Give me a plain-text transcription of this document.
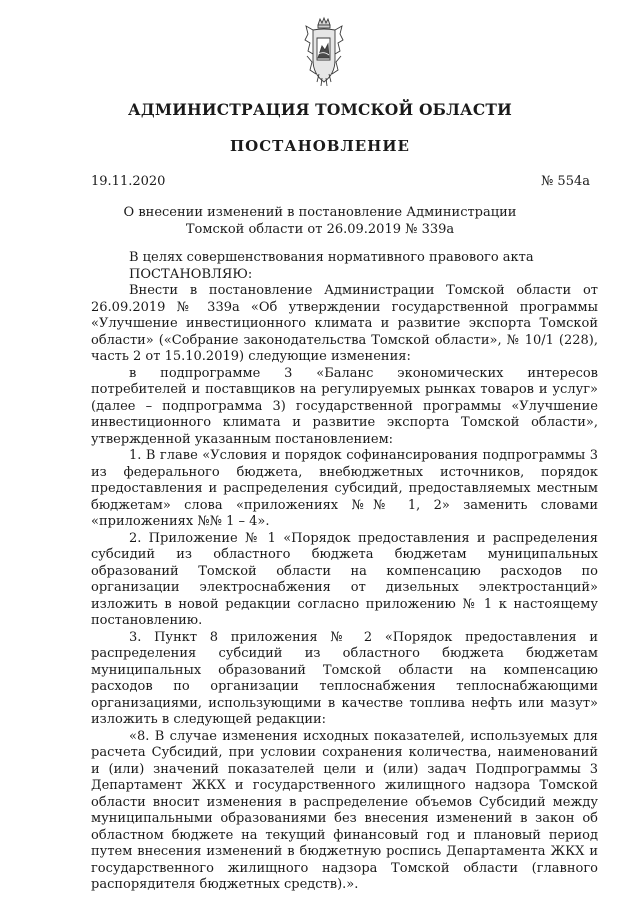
АДМИНИСТРАЦИЯ ТОМСКОЙ ОБЛАСТИ
ПОСТАНОВЛЕНИЕ
19.11.2020	№ 554а
О внесении изменений в постановление Администрации
Томской области от 26.09.2019 № 339а

В целях совершенствования нормативного правового акта

ПОСТАНОВЛЯЮ:

Внести в постановление Администрации Томской области от 26.09.2019 № 339а «Об утверждении государственной программы «Улучшение инвестиционного климата и развитие экспорта Томской области» («Собрание законодательства Томской области», № 10/1 (228), часть 2 от 15.10.2019) следующие изменения:

в подпрограмме 3 «Баланс экономических интересов потребителей и поставщиков на регулируемых рынках товаров и услуг» (далее – подпрограмма 3) государственной программы «Улучшение инвестиционного климата и развитие экспорта Томской области», утвержденной указанным постановлением:

1. В главе «Условия и порядок софинансирования подпрограммы 3 из федерального бюджета, внебюджетных источников, порядок предоставления и распределения субсидий, предоставляемых местным бюджетам» слова «приложениях №№ 1, 2» заменить словами «приложениях №№ 1 – 4».

2. Приложение № 1 «Порядок предоставления и распределения субсидий из областного бюджета бюджетам муниципальных образований Томской области на компенсацию расходов по организации электроснабжения от дизельных электростанций» изложить в новой редакции согласно приложению № 1 к настоящему постановлению.

3. Пункт 8 приложения № 2 «Порядок предоставления и распределения субсидий из областного бюджета бюджетам муниципальных образований Томской области на компенсацию расходов по организации теплоснабжения теплоснабжающими организациями, использующими в качестве топлива нефть или мазут» изложить в следующей редакции:

«8. В случае изменения исходных показателей, используемых для расчета Субсидий, при условии сохранения количества, наименований и (или) значений показателей цели и (или) задач Подпрограммы 3 Департамент ЖКХ и государственного жилищного надзора Томской области вносит изменения в распределение объемов Субсидий между муниципальными образованиями без внесения изменений в закон об областном бюджете на текущий финансовый год и плановый период путем внесения изменений в бюджетную роспись Департамента ЖКХ и государственного жилищного надзора Томской области (главного распорядителя бюджетных средств).».
